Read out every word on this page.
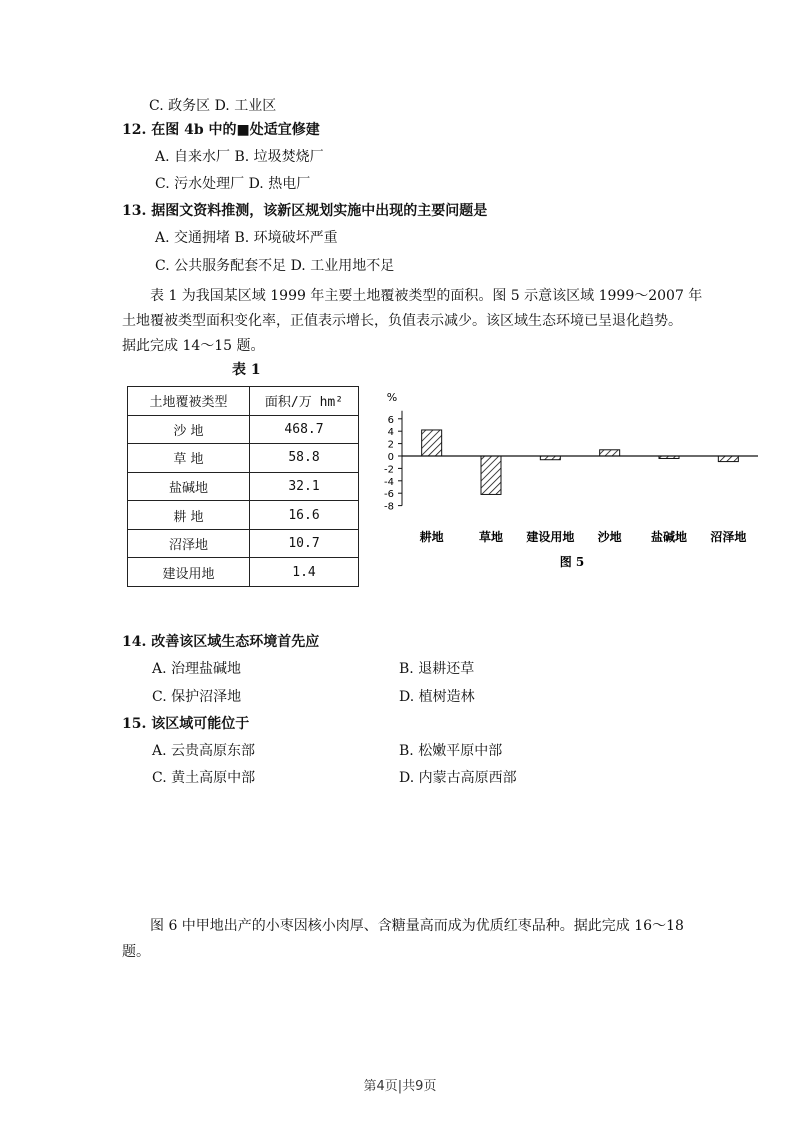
C. 政务区 D. 工业区
12. 在图 4b 中的■处适宜修建
A. 自来水厂 B. 垃圾焚烧厂
C. 污水处理厂 D. 热电厂
13. 据图文资料推测，该新区规划实施中出现的主要问题是
A. 交通拥堵 B. 环境破坏严重
C. 公共服务配套不足 D. 工业用地不足
表 1 为我国某区域 1999 年主要土地覆被类型的面积。图 5 示意该区域 1999～2007 年
土地覆被类型面积变化率，正值表示增长，负值表示减少。该区域生态环境已呈退化趋势。
据此完成 14～15 题。
表 1
土地覆被类型	面积/万 hm²
沙 地	468.7
草 地	58.8
盐碱地	32.1
耕 地	16.6
沼泽地	10.7
建设用地	1.4
%
6
4
2
0
-2
-4
-6
-8
耕地	草地 建设用地 沙地 盐碱地 沼泽地
图 5
14. 改善该区域生态环境首先应
A. 治理盐碱地	B. 退耕还草
C. 保护沼泽地	D. 植树造林
15. 该区域可能位于
A. 云贵高原东部	B. 松嫩平原中部
C. 黄土高原中部	D. 内蒙古高原西部
图 6 中甲地出产的小枣因核小肉厚、含糖量高而成为优质红枣品种。据此完成 16～18
题。
第4页|共9页
